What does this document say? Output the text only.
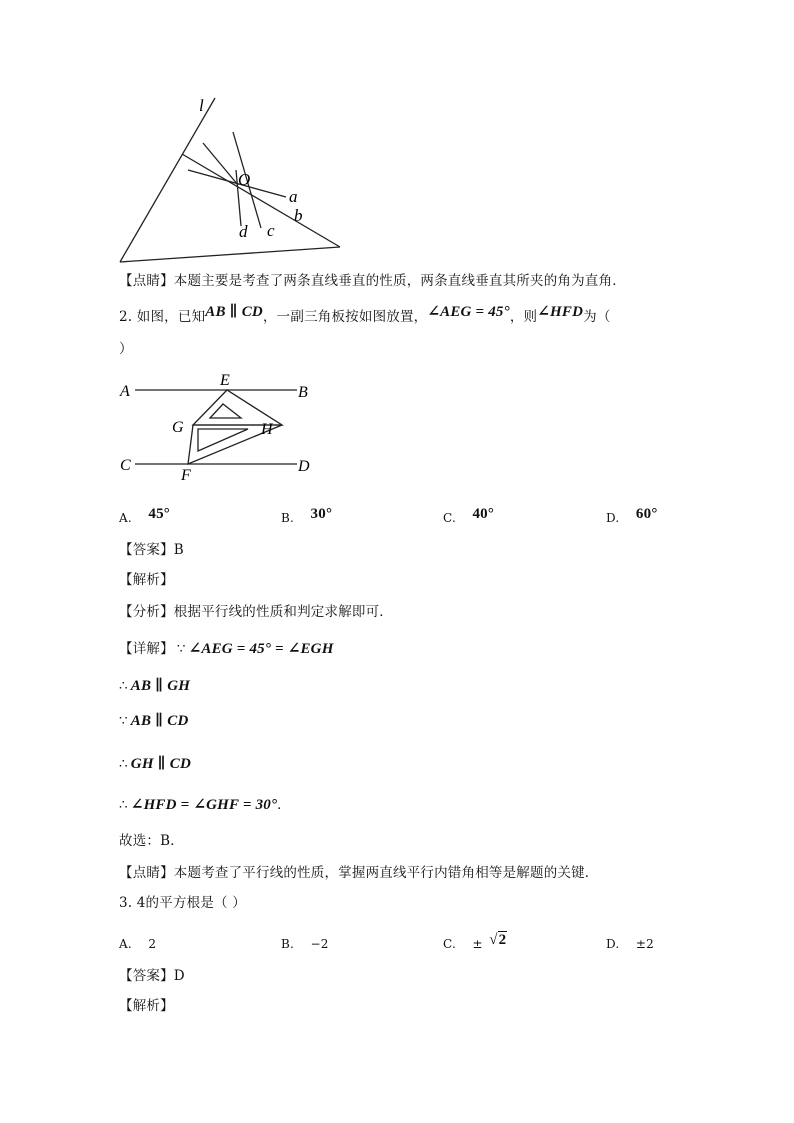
l
O
a
b
c
d
【点睛】本题主要是考查了两条直线垂直的性质，两条直线垂直其所夹的角为直角．
2. 如图，已知AB ∥ CD，一副三角板按如图放置，∠AEG = 45°，则∠HFD为（
）
A	B
C	D
E
F
G	H
A. 45°	B. 30°	C. 40°	D. 60°
【答案】B
【解析】
【分析】根据平行线的性质和判定求解即可．
【详解】 ∵ ∠AEG = 45° = ∠EGH
∴ AB ∥ GH
∵ AB ∥ CD
∴ GH ∥ CD
∴ ∠HFD = ∠GHF = 30°．
故选：B．
【点睛】本题考查了平行线的性质，掌握两直线平行内错角相等是解题的关键．
3. 4的平方根是（ ）
A. 2	B. −2	C. ± √2	D. ±2
【答案】D
【解析】
